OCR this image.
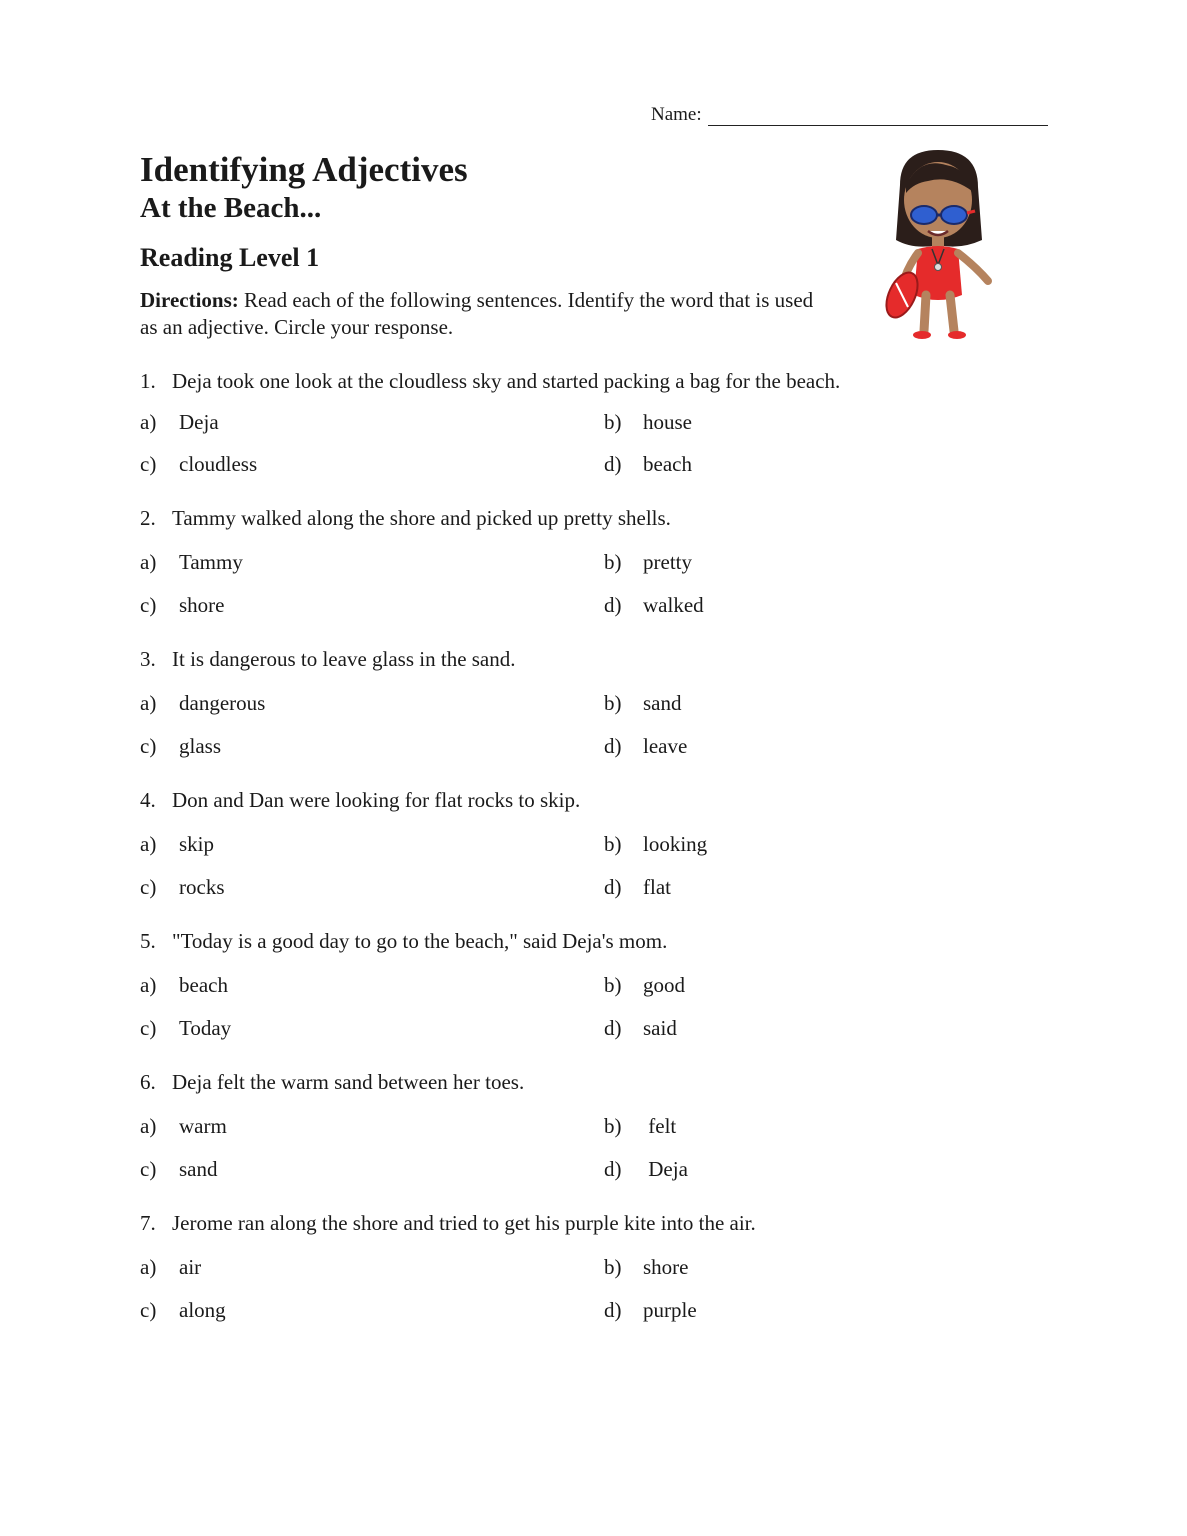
Name:
Identifying Adjectives
At the Beach...
Reading Level 1
Directions: Read each of the following sentences. Identify the word that is used as an adjective. Circle your response.
1. Deja took one look at the cloudless sky and started packing a bag for the beach.
a) Deja	b) house
c) cloudless	d) beach
2. Tammy walked along the shore and picked up pretty shells.
a) Tammy	b) pretty
c) shore	d) walked
3. It is dangerous to leave glass in the sand.
a) dangerous	b) sand
c) glass	d) leave
4. Don and Dan were looking for flat rocks to skip.
a) skip	b) looking
c) rocks	d) flat
5. "Today is a good day to go to the beach," said Deja's mom.
a) beach	b) good
c) Today	d) said
6. Deja felt the warm sand between her toes.
a) warm	b) felt
c) sand	d) Deja
7. Jerome ran along the shore and tried to get his purple kite into the air.
a) air	b) shore
c) along	d) purple
